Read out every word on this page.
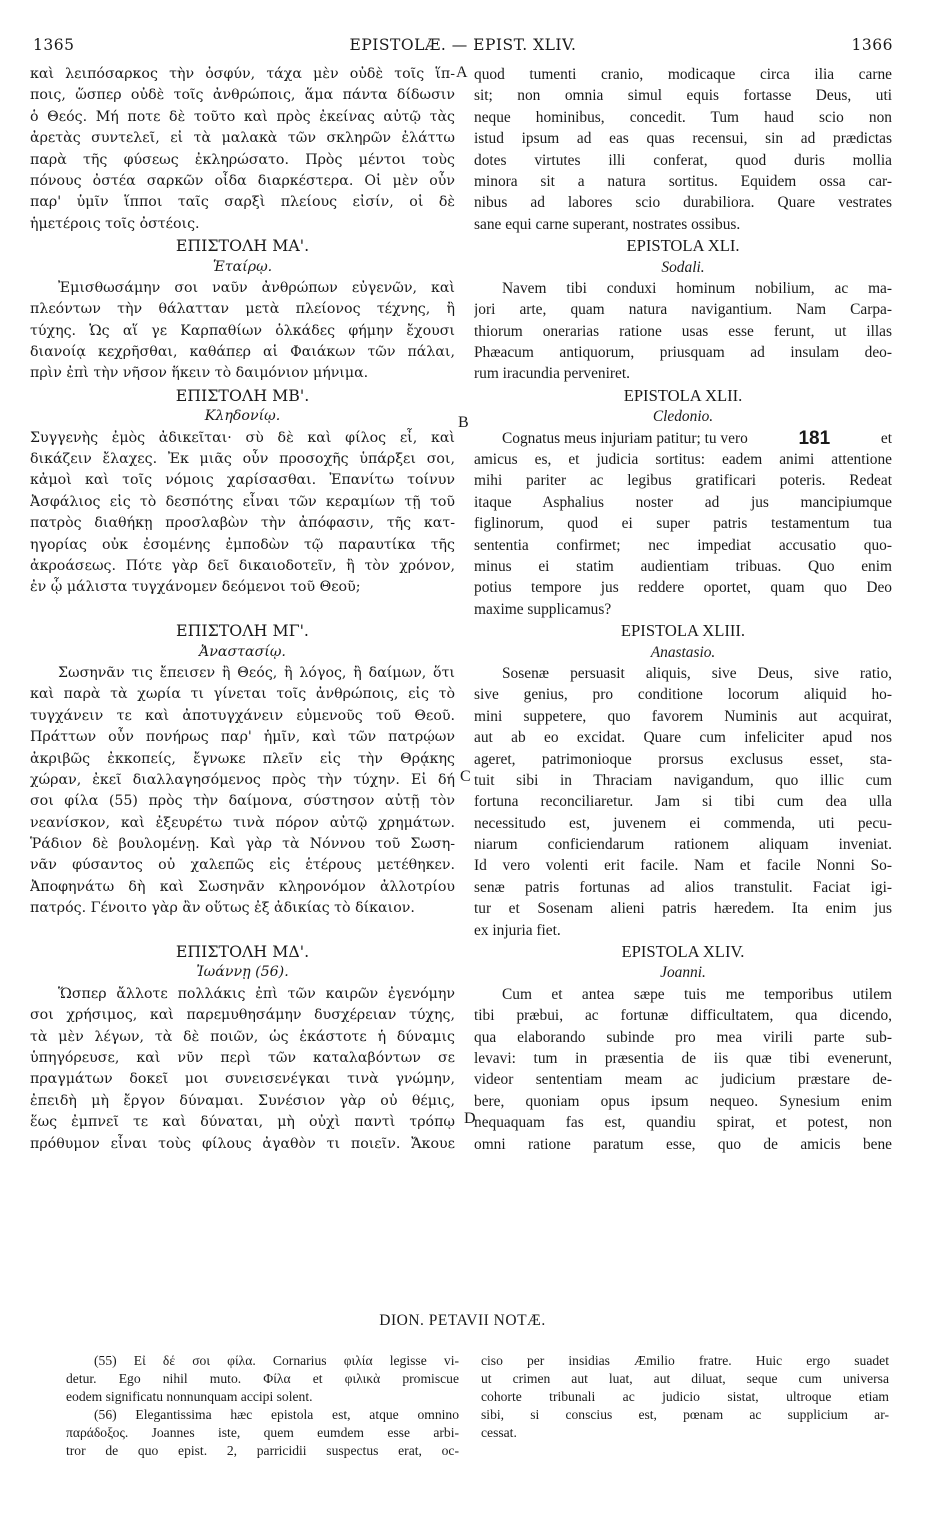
1365	EPISTOLÆ. — EPIST. XLIV.	1366
A
B
C
D
καὶ λειπόσαρκος τὴν ὀσφύν, τάχα μὲν οὐδὲ τοῖς ἵπ-
ποις, ὥσπερ οὐδὲ τοῖς ἀνθρώποις, ἅμα πάντα δίδωσιν
ὁ Θεός. Μή ποτε δὲ τοῦτο καὶ πρὸς ἐκείνας αὐτῷ τὰς
ἀρετὰς συντελεῖ, εἰ τὰ μαλακὰ τῶν σκληρῶν ἐλάττω
παρὰ τῆς φύσεως ἐκληρώσατο. Πρὸς μέντοι τοὺς
πόνους ὀστέα σαρκῶν οἶδα διαρκέστερα. Οἱ μὲν οὖν
παρ' ὑμῖν ἵπποι ταῖς σαρξὶ πλείους εἰσίν, οἱ δὲ
ἡμετέροις τοῖς ὀστέοις.
ΕΠΙΣΤΟΛΗ ΜΑ'.
Ἑταίρῳ.
Ἐμισθωσάμην σοι ναῦν ἀνθρώπων εὐγενῶν, καὶ
πλεόντων τὴν θάλατταν μετὰ πλείονος τέχνης, ἢ
τύχης. Ὡς αἵ γε Καρπαθίων ὁλκάδες φήμην ἔχουσι
διανοίᾳ κεχρῆσθαι, καθάπερ αἱ Φαιάκων τῶν πάλαι,
πρὶν ἐπὶ τὴν νῆσον ἥκειν τὸ δαιμόνιον μήνιμα.
ΕΠΙΣΤΟΛΗ ΜΒ'.
Κληδονίῳ.
Συγγενὴς ἐμὸς ἀδικεῖται· σὺ δὲ καὶ φίλος εἶ, καὶ
δικάζειν ἔλαχες. Ἐκ μιᾶς οὖν προσοχῆς ὑπάρξει σοι,
κἀμοὶ καὶ τοῖς νόμοις χαρίσασθαι. Ἐπανίτω τοίνυν
Ἀσφάλιος εἰς τὸ δεσπότης εἶναι τῶν κεραμίων τῇ τοῦ
πατρὸς διαθήκῃ προσλαβὼν τὴν ἀπόφασιν, τῆς κατ-
ηγορίας οὐκ ἐσομένης ἐμποδὼν τῷ παραυτίκα τῆς
ἀκροάσεως. Πότε γὰρ δεῖ δικαιοδοτεῖν, ἢ τὸν χρόνον,
ἐν ᾧ μάλιστα τυγχάνομεν δεόμενοι τοῦ Θεοῦ;
ΕΠΙΣΤΟΛΗ ΜΓ'.
Ἀναστασίῳ.
Σωσηνᾶν τις ἔπεισεν ἢ Θεός, ἢ λόγος, ἢ δαίμων, ὅτι
καὶ παρὰ τὰ χωρία τι γίνεται τοῖς ἀνθρώποις, εἰς τὸ
τυγχάνειν τε καὶ ἀποτυγχάνειν εὐμενοῦς τοῦ Θεοῦ.
Πράττων οὖν πονήρως παρ' ἡμῖν, καὶ τῶν πατρῴων
ἀκριβῶς ἐκκοπείς, ἔγνωκε πλεῖν εἰς τὴν Θρᾴκης
χώραν, ἐκεῖ διαλλαγησόμενος πρὸς τὴν τύχην. Εἰ δή
σοι φίλα (55) πρὸς τὴν δαίμονα, σύστησον αὐτῇ τὸν
νεανίσκον, καὶ ἐξευρέτω τινὰ πόρον αὐτῷ χρημάτων.
Ῥάδιον δὲ βουλομένῃ. Καὶ γὰρ τὰ Νόννου τοῦ Σωση-
νᾶν φύσαντος οὐ χαλεπῶς εἰς ἑτέρους μετέθηκεν.
Ἀποφηνάτω δὴ καὶ Σωσηνᾶν κληρονόμον ἀλλοτρίου
πατρός. Γένοιτο γὰρ ἂν οὕτως ἐξ ἀδικίας τὸ δίκαιον.
ΕΠΙΣΤΟΛΗ ΜΔ'.
Ἰωάννῃ (56).
Ὥσπερ ἄλλοτε πολλάκις ἐπὶ τῶν καιρῶν ἐγενόμην
σοι χρήσιμος, καὶ παρεμυθησάμην δυσχέρειαν τύχης,
τὰ μὲν λέγων, τὰ δὲ ποιῶν, ὡς ἑκάστοτε ἡ δύναμις
ὑπηγόρευσε, καὶ νῦν περὶ τῶν καταλαβόντων σε
πραγμάτων δοκεῖ μοι συνεισενέγκαι τινὰ γνώμην,
ἐπειδὴ μὴ ἔργον δύναμαι. Συνέσιον γὰρ οὐ θέμις,
ἕως ἐμπνεῖ τε καὶ δύναται, μὴ οὐχὶ παντὶ τρόπῳ
πρόθυμον εἶναι τοὺς φίλους ἀγαθὸν τι ποιεῖν. Ἄκουε
quod tumenti cranio, modicaque circa ilia carne
sit; non omnia simul equis fortasse Deus, uti
neque hominibus, concedit. Tum haud scio non
istud ipsum ad eas quas recensui, sin ad prædictas
dotes virtutes illi conferat, quod duris mollia
minora sit a natura sortitus. Equidem ossa car-
nibus ad labores scio durabiliora. Quare vestrates
sane equi carne superant, nostrates ossibus.
EPISTOLA XLI.
Sodali.
Navem tibi conduxi hominum nobilium, ac ma-
jori arte, quam natura navigantium. Nam Carpa-
thiorum onerarias ratione usas esse ferunt, ut illas
Phæacum antiquorum, priusquam ad insulam deo-
rum iracundia perveniret.
EPISTOLA XLII.
Cledonio.
Cognatus meus injuriam patitur; tu vero	181	et
amicus es, et judicia sortitus: eadem animi attentione
mihi pariter ac legibus gratificari poteris. Redeat
itaque Asphalius noster ad jus mancipiumque
figlinorum, quod ei super patris testamentum tua
sententia confirmet; nec impediat accusatio quo-
minus ei statim audientiam tribuas. Quo enim
potius tempore jus reddere oportet, quam quo Deo
maxime supplicamus?
EPISTOLA XLIII.
Anastasio.
Sosenæ persuasit aliquis, sive Deus, sive ratio,
sive genius, pro conditione locorum aliquid ho-
mini suppetere, quo favorem Numinis aut acquirat,
aut ab eo excidat. Quare cum infeliciter apud nos
ageret, patrimonioque prorsus exclusus esset, sta-
tuit sibi in Thraciam navigandum, quo illic cum
fortuna reconciliaretur. Jam si tibi cum dea ulla
necessitudo est, juvenem ei commenda, uti pecu-
niarum conficiendarum rationem aliquam inveniat.
Id vero volenti erit facile. Nam et facile Nonni So-
senæ patris fortunas ad alios transtulit. Faciat igi-
tur et Sosenam alieni patris hæredem. Ita enim jus
ex injuria fiet.
EPISTOLA XLIV.
Joanni.
Cum et antea sæpe tuis me temporibus utilem
tibi præbui, ac fortunæ difficultatem, qua dicendo,
qua elaborando subinde pro mea virili parte sub-
levavi: tum in præsentia de iis quæ tibi evenerunt,
videor sententiam meam ac judicium præstare de-
bere, quoniam opus ipsum nequeo. Synesium enim
nequaquam fas est, quandiu spirat, et potest, non
omni ratione paratum esse, quo de amicis bene
DION. PETAVII NOTÆ.
(55) Εἰ δέ σοι φίλα. Cornarius φιλία legisse vi-
detur. Ego nihil muto. Φίλα et φιλικὰ promiscue
eodem significatu nonnunquam accipi solent.
(56) Elegantissima hæc epistola est, atque omnino
παράδοξος. Joannes iste, quem eumdem esse arbi-
tror de quo epist. 2, parricidii suspectus erat, oc-
ciso per insidias Æmilio fratre. Huic ergo suadet
ut crimen aut luat, aut diluat, seque cum universa
cohorte tribunali ac judicio sistat, ultroque etiam
sibi, si conscius est, pœnam ac supplicium ar-
cessat.
